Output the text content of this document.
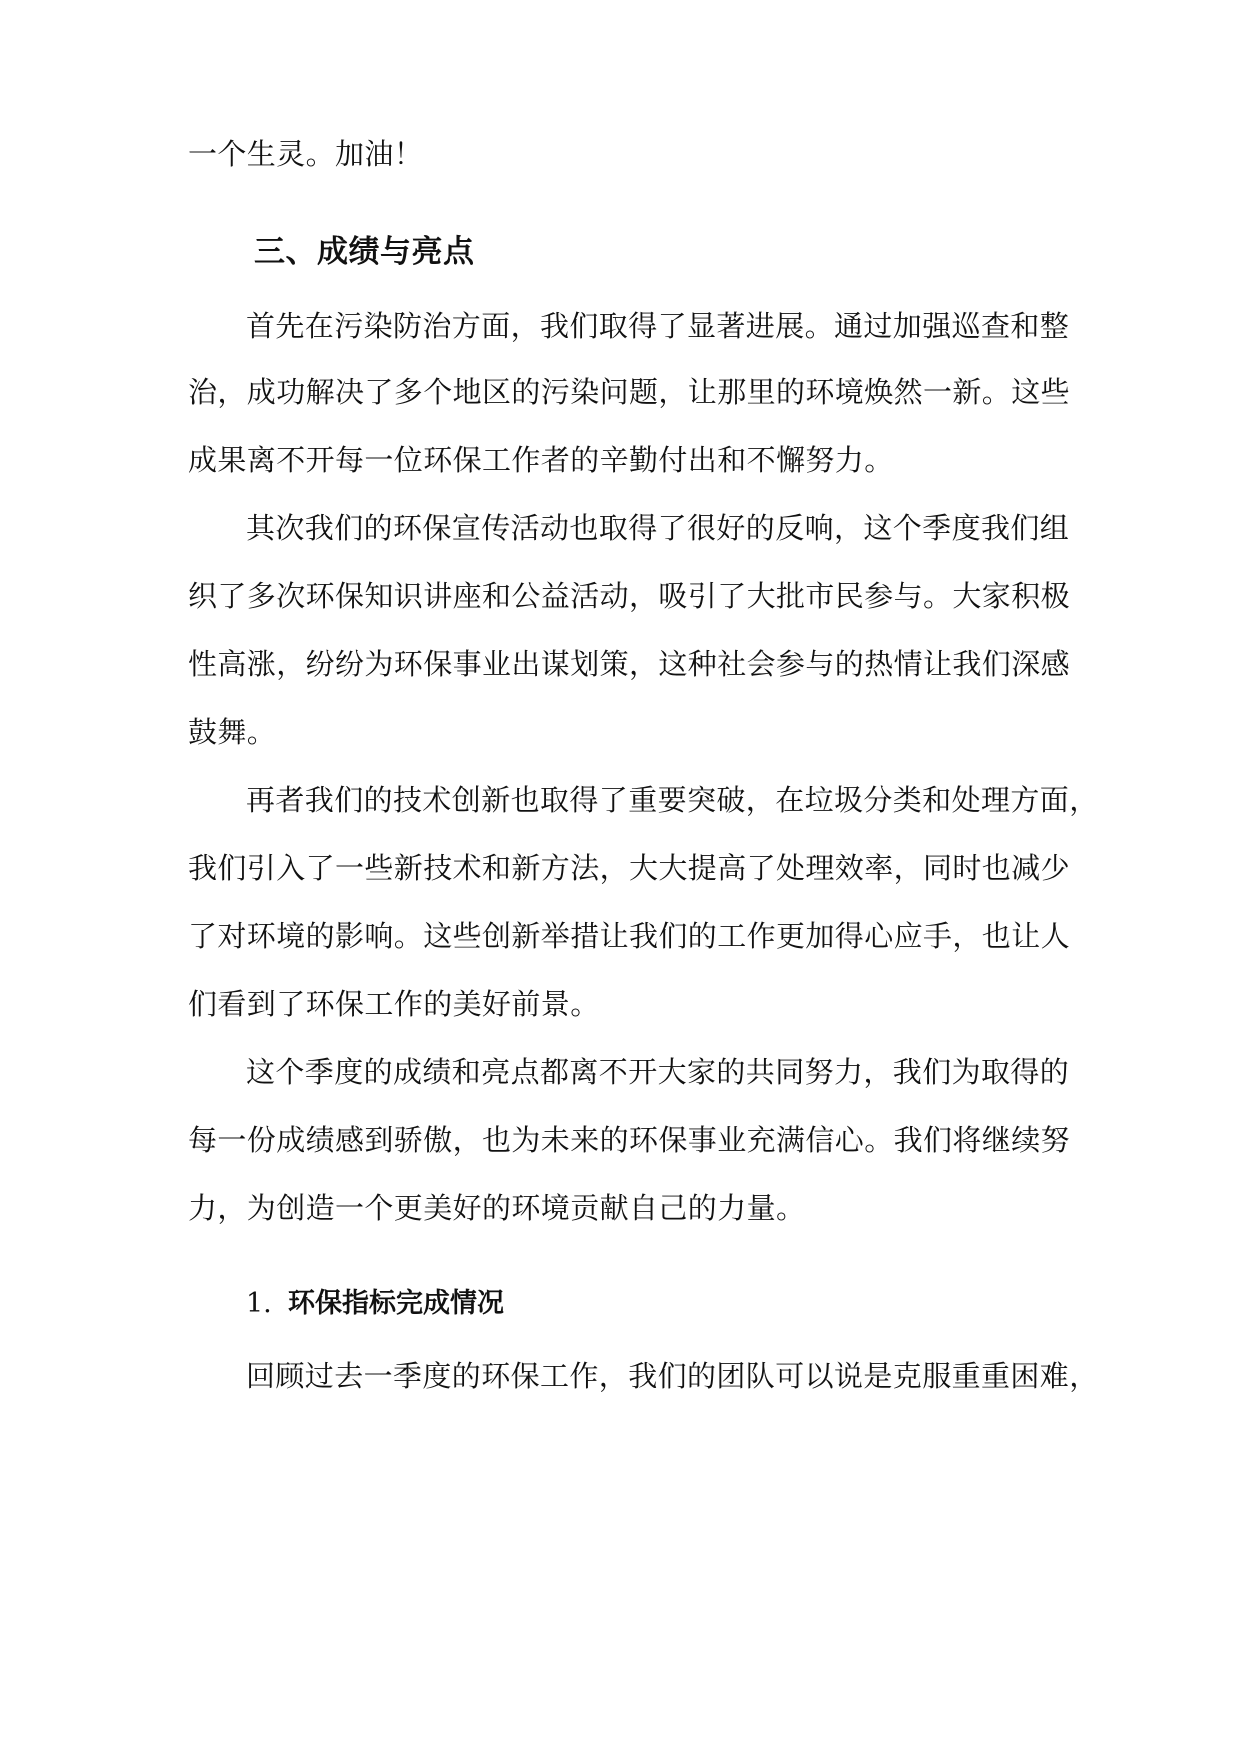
一个生灵。加油！
三、成绩与亮点
首先在污染防治方面，我们取得了显著进展。通过加强巡查和整
治，成功解决了多个地区的污染问题，让那里的环境焕然一新。这些
成果离不开每一位环保工作者的辛勤付出和不懈努力。
其次我们的环保宣传活动也取得了很好的反响，这个季度我们组
织了多次环保知识讲座和公益活动，吸引了大批市民参与。大家积极
性高涨，纷纷为环保事业出谋划策，这种社会参与的热情让我们深感
鼓舞。
再者我们的技术创新也取得了重要突破，在垃圾分类和处理方面，
我们引入了一些新技术和新方法，大大提高了处理效率，同时也减少
了对环境的影响。这些创新举措让我们的工作更加得心应手，也让人
们看到了环保工作的美好前景。
这个季度的成绩和亮点都离不开大家的共同努力，我们为取得的
每一份成绩感到骄傲，也为未来的环保事业充满信心。我们将继续努
力，为创造一个更美好的环境贡献自己的力量。
1. 环保指标完成情况
回顾过去一季度的环保工作，我们的团队可以说是克服重重困难，
